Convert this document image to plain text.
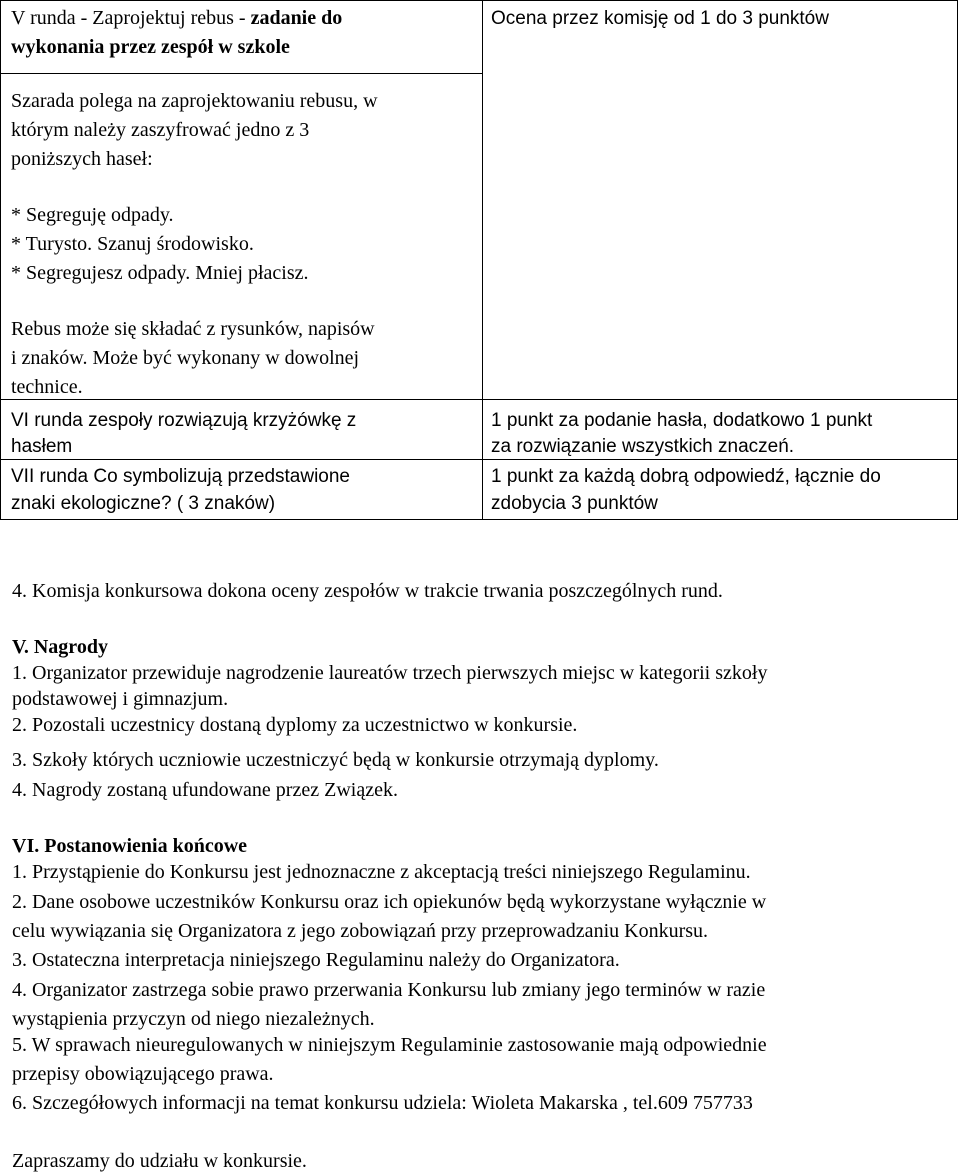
V runda - Zaprojektuj rebus - zadanie do

wykonania przez zespół w szkole

Szarada polega na zaprojektowaniu rebusu, w

którym należy zaszyfrować jedno z 3

poniższych haseł:

* Segreguję odpady.

* Turysto. Szanuj środowisko.

* Segregujesz odpady. Mniej płacisz.

Rebus może się składać z rysunków, napisów

i znaków. Może być wykonany w dowolnej

technice.

VI runda zespoły rozwiązują krzyżówkę z

hasłem

VII runda Co symbolizują przedstawione

znaki ekologiczne? ( 3 znaków)

Ocena przez komisję od 1 do 3 punktów

1 punkt za podanie hasła, dodatkowo 1 punkt

za rozwiązanie wszystkich znaczeń.

1 punkt za każdą dobrą odpowiedź, łącznie do

zdobycia 3 punktów

4. Komisja konkursowa dokona oceny zespołów w trakcie trwania poszczególnych rund.

V. Nagrody

1. Organizator przewiduje nagrodzenie laureatów trzech pierwszych miejsc w kategorii szkoły

podstawowej i gimnazjum.

2. Pozostali uczestnicy dostaną dyplomy za uczestnictwo w konkursie.

3. Szkoły których uczniowie uczestniczyć będą w konkursie otrzymają dyplomy.

4. Nagrody zostaną ufundowane przez Związek.

VI. Postanowienia końcowe

1. Przystąpienie do Konkursu jest jednoznaczne z akceptacją treści niniejszego Regulaminu.

2. Dane osobowe uczestników Konkursu oraz ich opiekunów będą wykorzystane wyłącznie w

celu wywiązania się Organizatora z jego zobowiązań przy przeprowadzaniu Konkursu.

3. Ostateczna interpretacja niniejszego Regulaminu należy do Organizatora.

4. Organizator zastrzega sobie prawo przerwania Konkursu lub zmiany jego terminów w razie

wystąpienia przyczyn od niego niezależnych.

5. W sprawach nieuregulowanych w niniejszym Regulaminie zastosowanie mają odpowiednie

przepisy obowiązującego prawa.

6. Szczegółowych informacji na temat konkursu udziela: Wioleta Makarska , tel.609 757733

Zapraszamy do udziału w konkursie.
